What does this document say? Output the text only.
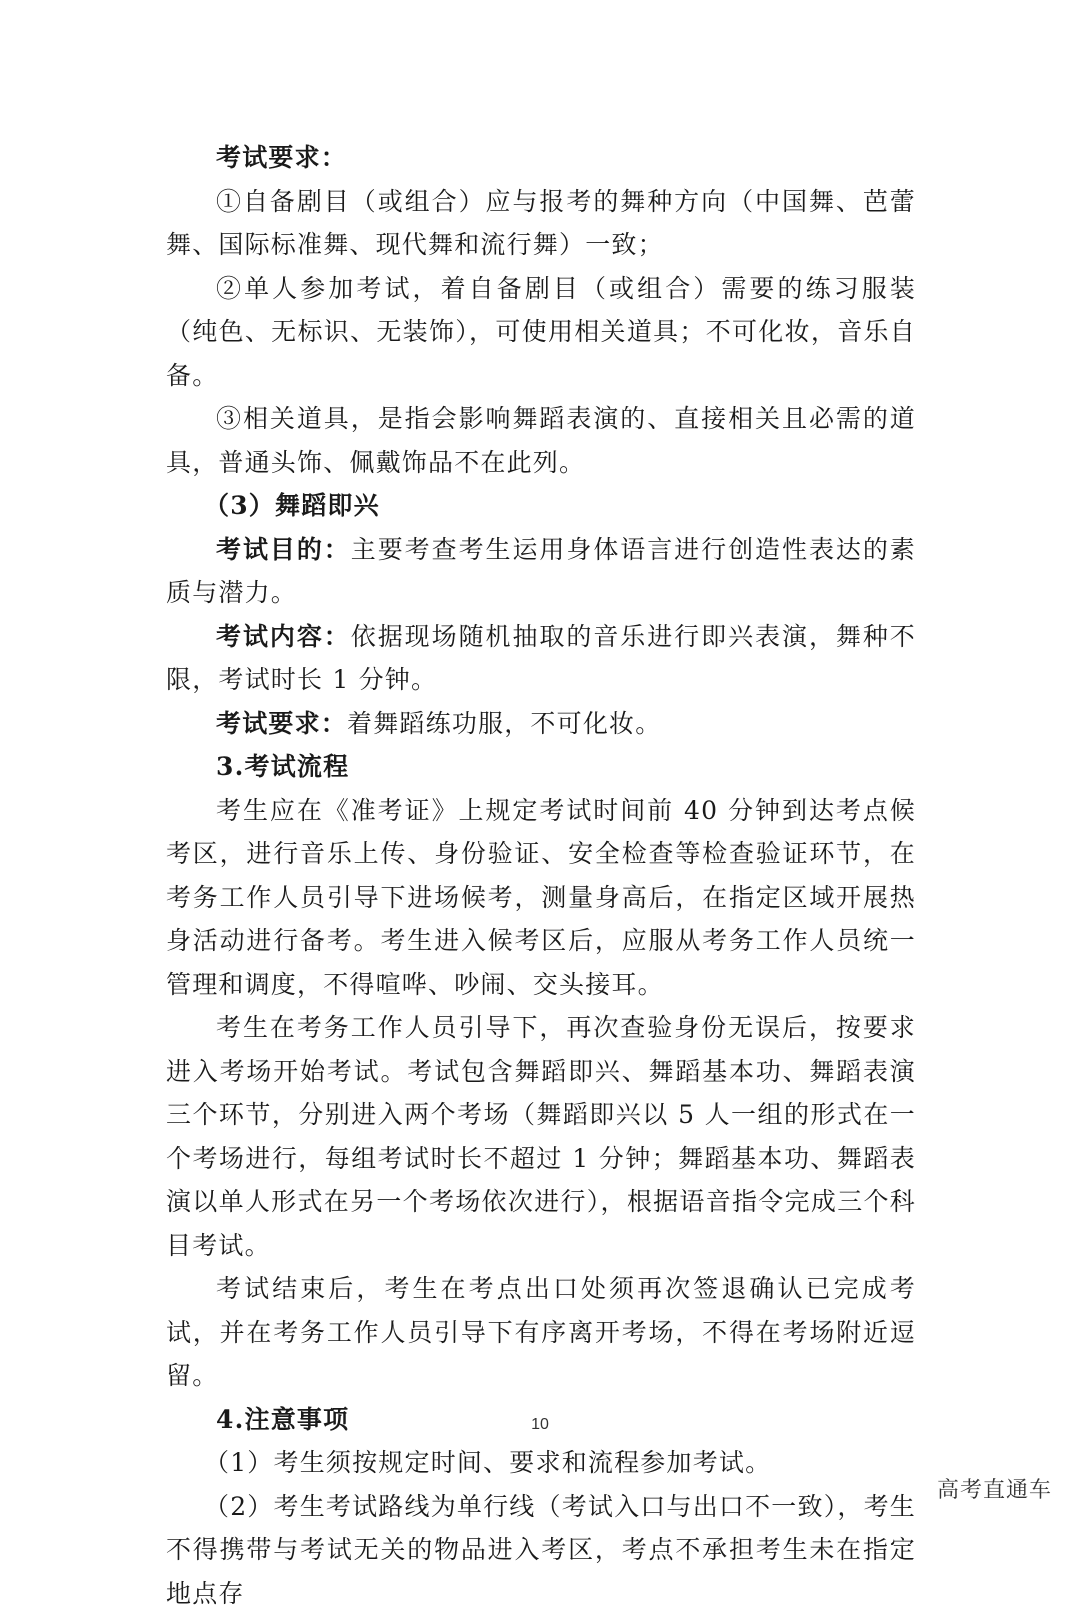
考试要求：

①自备剧目（或组合）应与报考的舞种方向（中国舞、芭蕾舞、国际标准舞、现代舞和流行舞）一致；

②单人参加考试，着自备剧目（或组合）需要的练习服装（纯色、无标识、无装饰），可使用相关道具；不可化妆，音乐自备。

③相关道具，是指会影响舞蹈表演的、直接相关且必需的道具，普通头饰、佩戴饰品不在此列。

（3）舞蹈即兴

考试目的：主要考查考生运用身体语言进行创造性表达的素质与潜力。

考试内容：依据现场随机抽取的音乐进行即兴表演，舞种不限，考试时长 1 分钟。

考试要求：着舞蹈练功服，不可化妆。

3.考试流程

考生应在《准考证》上规定考试时间前 40 分钟到达考点候考区，进行音乐上传、身份验证、安全检查等检查验证环节，在考务工作人员引导下进场候考，测量身高后，在指定区域开展热身活动进行备考。考生进入候考区后，应服从考务工作人员统一管理和调度，不得喧哗、吵闹、交头接耳。

考生在考务工作人员引导下，再次查验身份无误后，按要求进入考场开始考试。考试包含舞蹈即兴、舞蹈基本功、舞蹈表演三个环节，分别进入两个考场（舞蹈即兴以 5 人一组的形式在一个考场进行，每组考试时长不超过 1 分钟；舞蹈基本功、舞蹈表演以单人形式在另一个考场依次进行），根据语音指令完成三个科目考试。

考试结束后，考生在考点出口处须再次签退确认已完成考试，并在考务工作人员引导下有序离开考场，不得在考场附近逗留。

4.注意事项

（1）考生须按规定时间、要求和流程参加考试。

（2）考生考试路线为单行线（考试入口与出口不一致），考生不得携带与考试无关的物品进入考区，考点不承担考生未在指定地点存

10
高考直通车
